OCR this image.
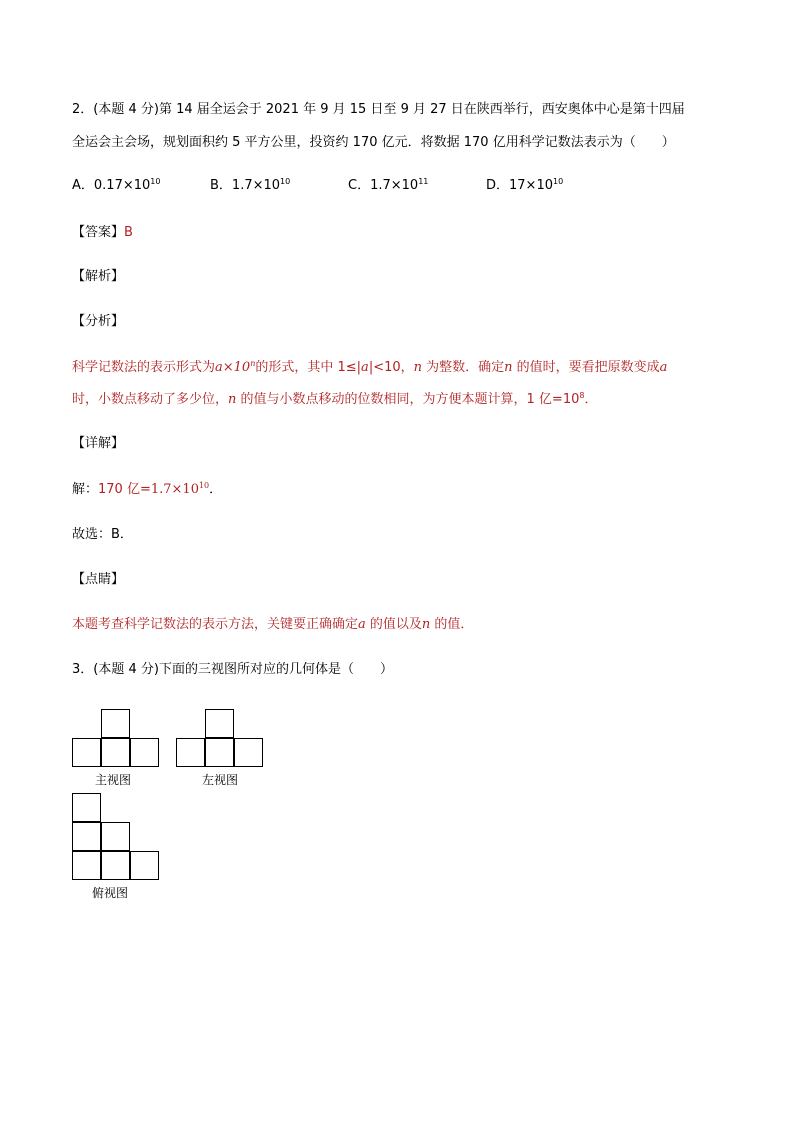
2．(本题 4 分)第 14 届全运会于 2021 年 9 月 15 日至 9 月 27 日在陕西举行，西安奥体中心是第十四届
全运会主会场，规划面积约 5 平方公里，投资约 170 亿元．将数据 170 亿用科学记数法表示为（　　）
A．$0.17\times 10^{10}$	B．$1.7\times 10^{10}$	C．$1.7\times 10^{11}$	D．$17\times 10^{10}$
【答案】B
【解析】
【分析】
科学记数法的表示形式为$a\times 10^n$的形式，其中 1≤|a|<10，n 为整数．确定n 的值时，要看把原数变成a
时，小数点移动了多少位，n 的值与小数点移动的位数相同，为方便本题计算，1 亿$=10^8$．
【详解】
解：170 亿$=1.7\times 10^{10}$．
故选：B．
【点睛】
本题考查科学记数法的表示方法，关键要正确确定a 的值以及n 的值．
3．(本题 4 分)下面的三视图所对应的几何体是（　　）
主视图	左视图
俯视图
